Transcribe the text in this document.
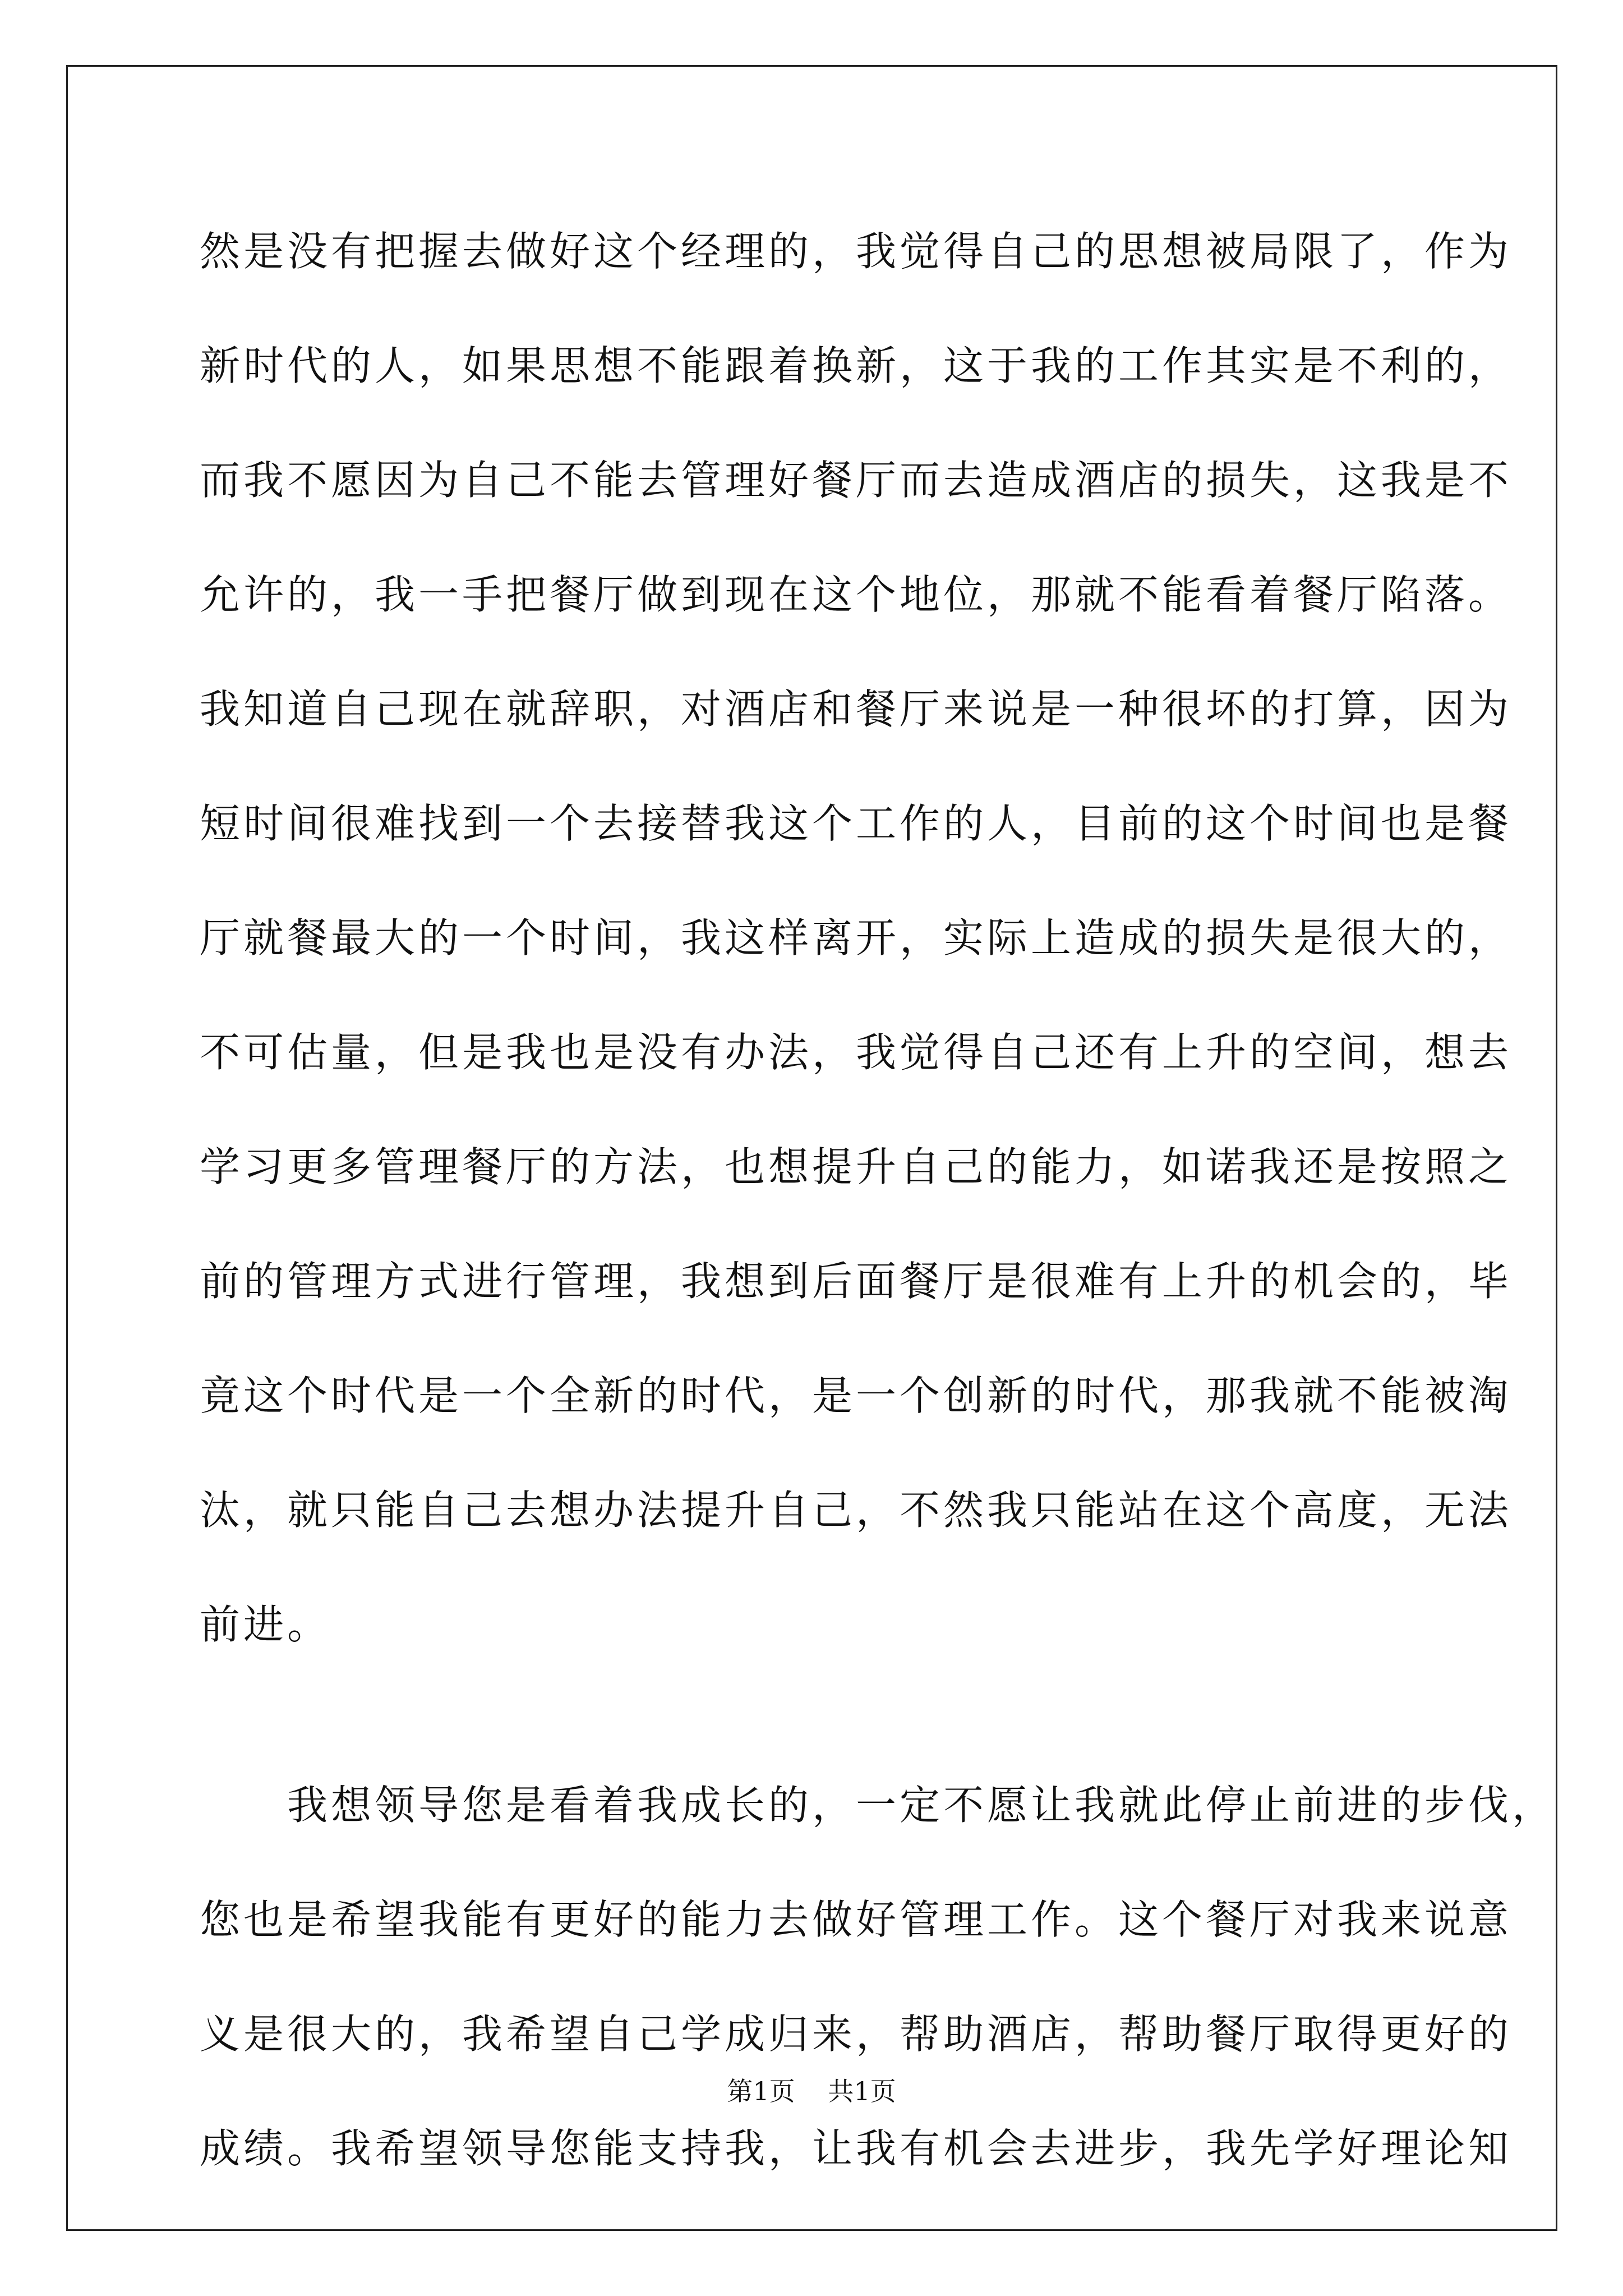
然是没有把握去做好这个经理的，我觉得自己的思想被局限了，作为
新时代的人，如果思想不能跟着换新，这于我的工作其实是不利的，
而我不愿因为自己不能去管理好餐厅而去造成酒店的损失，这我是不
允许的，我一手把餐厅做到现在这个地位，那就不能看着餐厅陷落。
我知道自己现在就辞职，对酒店和餐厅来说是一种很坏的打算，因为
短时间很难找到一个去接替我这个工作的人，目前的这个时间也是餐
厅就餐最大的一个时间，我这样离开，实际上造成的损失是很大的，
不可估量，但是我也是没有办法，我觉得自己还有上升的空间，想去
学习更多管理餐厅的方法，也想提升自己的能力，如诺我还是按照之
前的管理方式进行管理，我想到后面餐厅是很难有上升的机会的，毕
竟这个时代是一个全新的时代，是一个创新的时代，那我就不能被淘
汰，就只能自己去想办法提升自己，不然我只能站在这个高度，无法
前进。
　　我想领导您是看着我成长的，一定不愿让我就此停止前进的步伐，
您也是希望我能有更好的能力去做好管理工作。这个餐厅对我来说意
义是很大的，我希望自己学成归来，帮助酒店，帮助餐厅取得更好的
成绩。我希望领导您能支持我，让我有机会去进步，我先学好理论知
第1页 共1页
